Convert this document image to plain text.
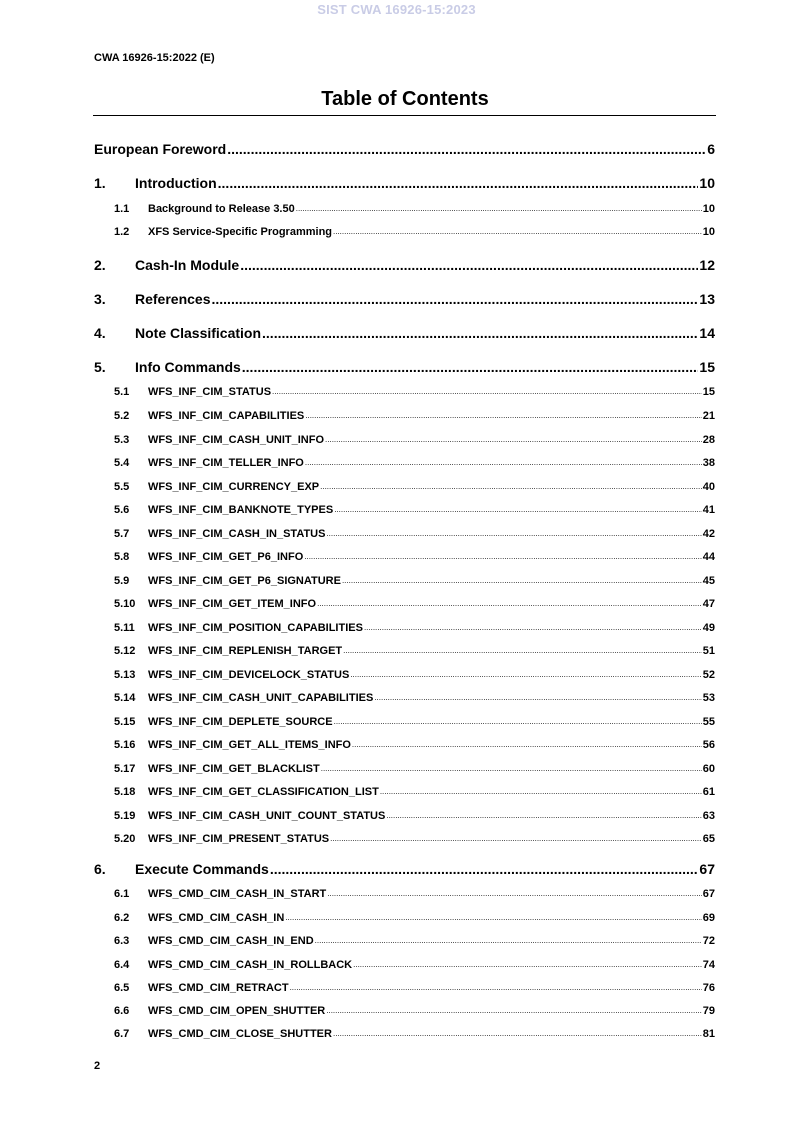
SIST CWA 16926-15:2023
CWA 16926-15:2022 (E)
Table of Contents
European Foreword .....	6
1.	Introduction .....	10
1.1	Background to Release 3.50 .....	10
1.2	XFS Service-Specific Programming .....	10
2.	Cash-In Module .....	12
3.	References .....	13
4.	Note Classification .....	14
5.	Info Commands .....	15
5.1	WFS_INF_CIM_STATUS .....	15
5.2	WFS_INF_CIM_CAPABILITIES .....	21
5.3	WFS_INF_CIM_CASH_UNIT_INFO .....	28
5.4	WFS_INF_CIM_TELLER_INFO .....	38
5.5	WFS_INF_CIM_CURRENCY_EXP .....	40
5.6	WFS_INF_CIM_BANKNOTE_TYPES .....	41
5.7	WFS_INF_CIM_CASH_IN_STATUS .....	42
5.8	WFS_INF_CIM_GET_P6_INFO .....	44
5.9	WFS_INF_CIM_GET_P6_SIGNATURE .....	45
5.10	WFS_INF_CIM_GET_ITEM_INFO .....	47
5.11	WFS_INF_CIM_POSITION_CAPABILITIES .....	49
5.12	WFS_INF_CIM_REPLENISH_TARGET .....	51
5.13	WFS_INF_CIM_DEVICELOCK_STATUS .....	52
5.14	WFS_INF_CIM_CASH_UNIT_CAPABILITIES .....	53
5.15	WFS_INF_CIM_DEPLETE_SOURCE .....	55
5.16	WFS_INF_CIM_GET_ALL_ITEMS_INFO .....	56
5.17	WFS_INF_CIM_GET_BLACKLIST .....	60
5.18	WFS_INF_CIM_GET_CLASSIFICATION_LIST .....	61
5.19	WFS_INF_CIM_CASH_UNIT_COUNT_STATUS .....	63
5.20	WFS_INF_CIM_PRESENT_STATUS .....	65
6.	Execute Commands .....	67
6.1	WFS_CMD_CIM_CASH_IN_START .....	67
6.2	WFS_CMD_CIM_CASH_IN .....	69
6.3	WFS_CMD_CIM_CASH_IN_END .....	72
6.4	WFS_CMD_CIM_CASH_IN_ROLLBACK .....	74
6.5	WFS_CMD_CIM_RETRACT .....	76
6.6	WFS_CMD_CIM_OPEN_SHUTTER .....	79
6.7	WFS_CMD_CIM_CLOSE_SHUTTER .....	81
2
